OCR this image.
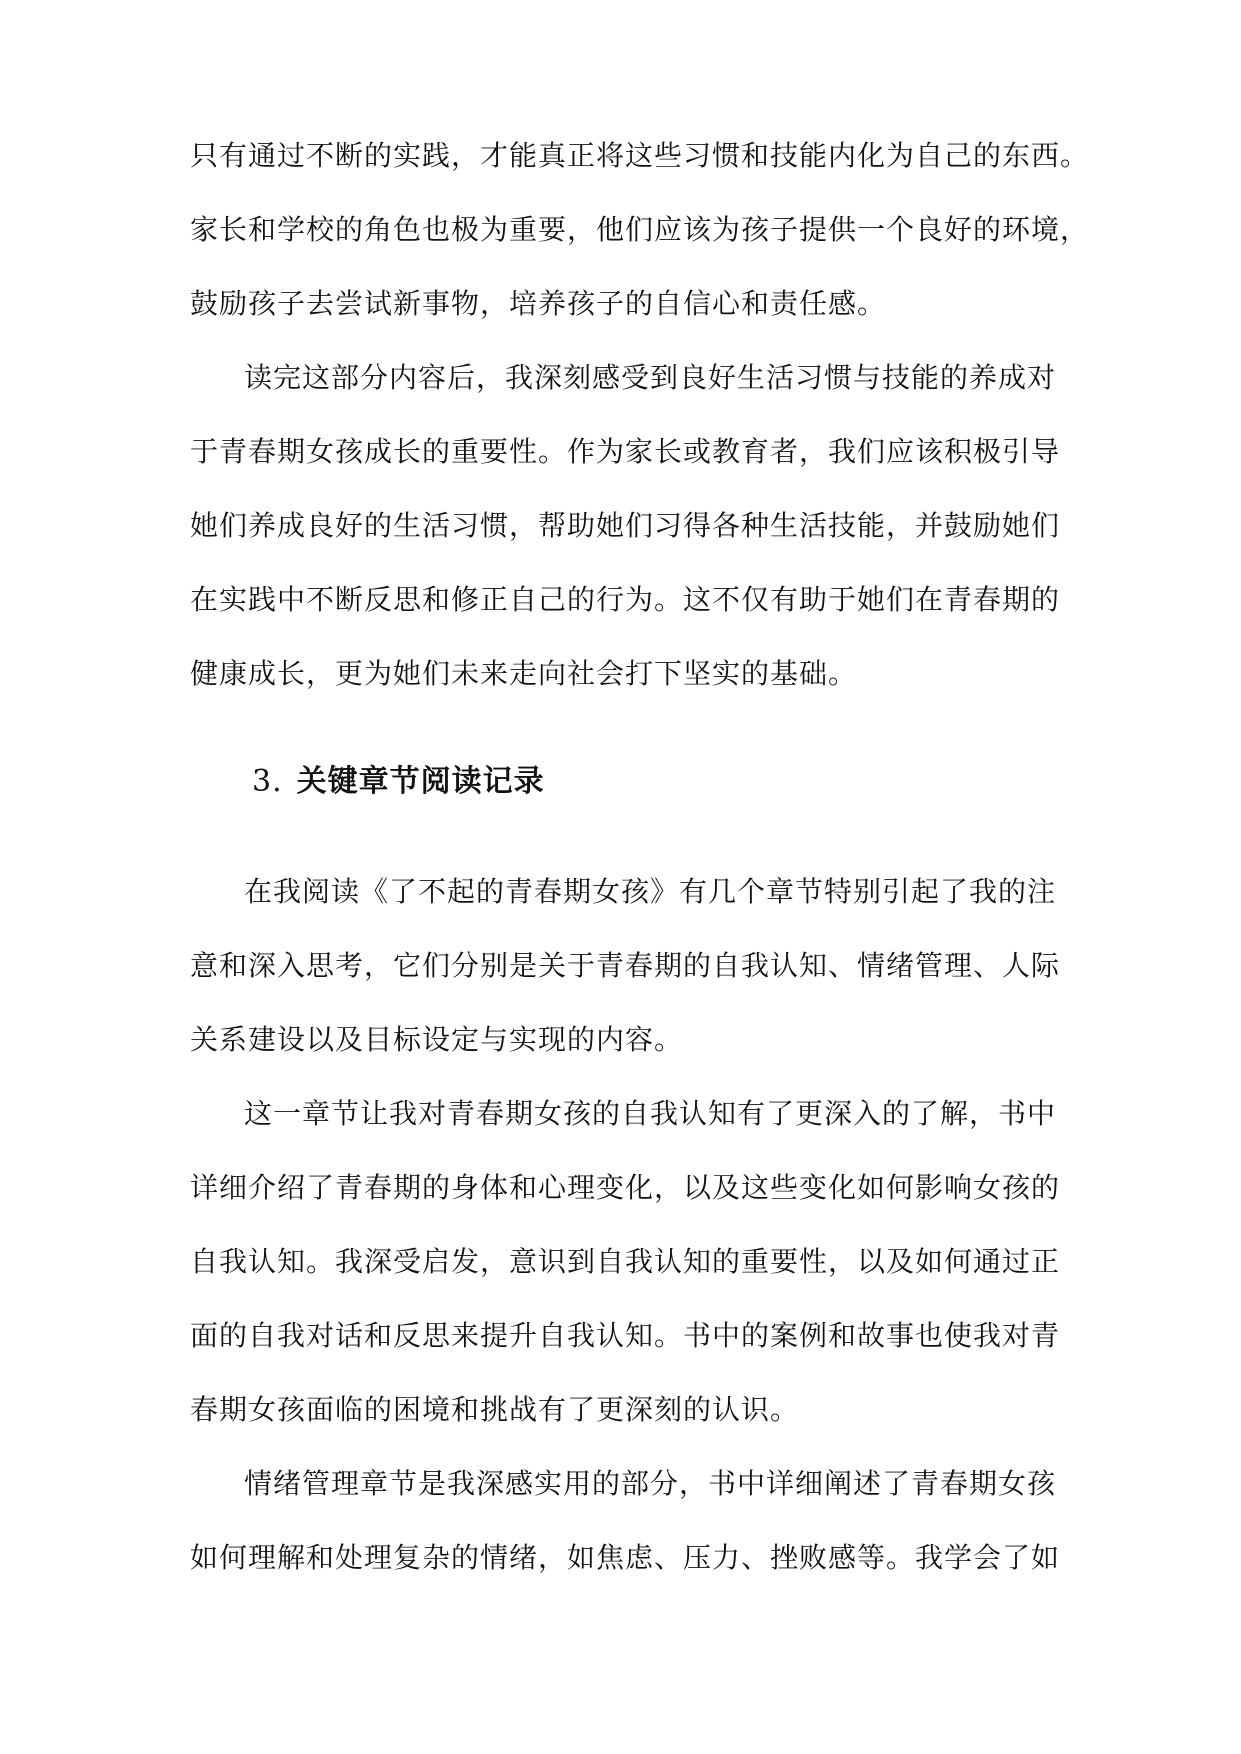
只有通过不断的实践，才能真正将这些习惯和技能内化为自己的东西。
家长和学校的角色也极为重要，他们应该为孩子提供一个良好的环境，
鼓励孩子去尝试新事物，培养孩子的自信心和责任感。
读完这部分内容后，我深刻感受到良好生活习惯与技能的养成对
于青春期女孩成长的重要性。作为家长或教育者，我们应该积极引导
她们养成良好的生活习惯，帮助她们习得各种生活技能，并鼓励她们
在实践中不断反思和修正自己的行为。这不仅有助于她们在青春期的
健康成长，更为她们未来走向社会打下坚实的基础。
3. 关键章节阅读记录
在我阅读《了不起的青春期女孩》有几个章节特别引起了我的注
意和深入思考，它们分别是关于青春期的自我认知、情绪管理、人际
关系建设以及目标设定与实现的内容。
这一章节让我对青春期女孩的自我认知有了更深入的了解，书中
详细介绍了青春期的身体和心理变化，以及这些变化如何影响女孩的
自我认知。我深受启发，意识到自我认知的重要性，以及如何通过正
面的自我对话和反思来提升自我认知。书中的案例和故事也使我对青
春期女孩面临的困境和挑战有了更深刻的认识。
情绪管理章节是我深感实用的部分，书中详细阐述了青春期女孩
如何理解和处理复杂的情绪，如焦虑、压力、挫败感等。我学会了如
